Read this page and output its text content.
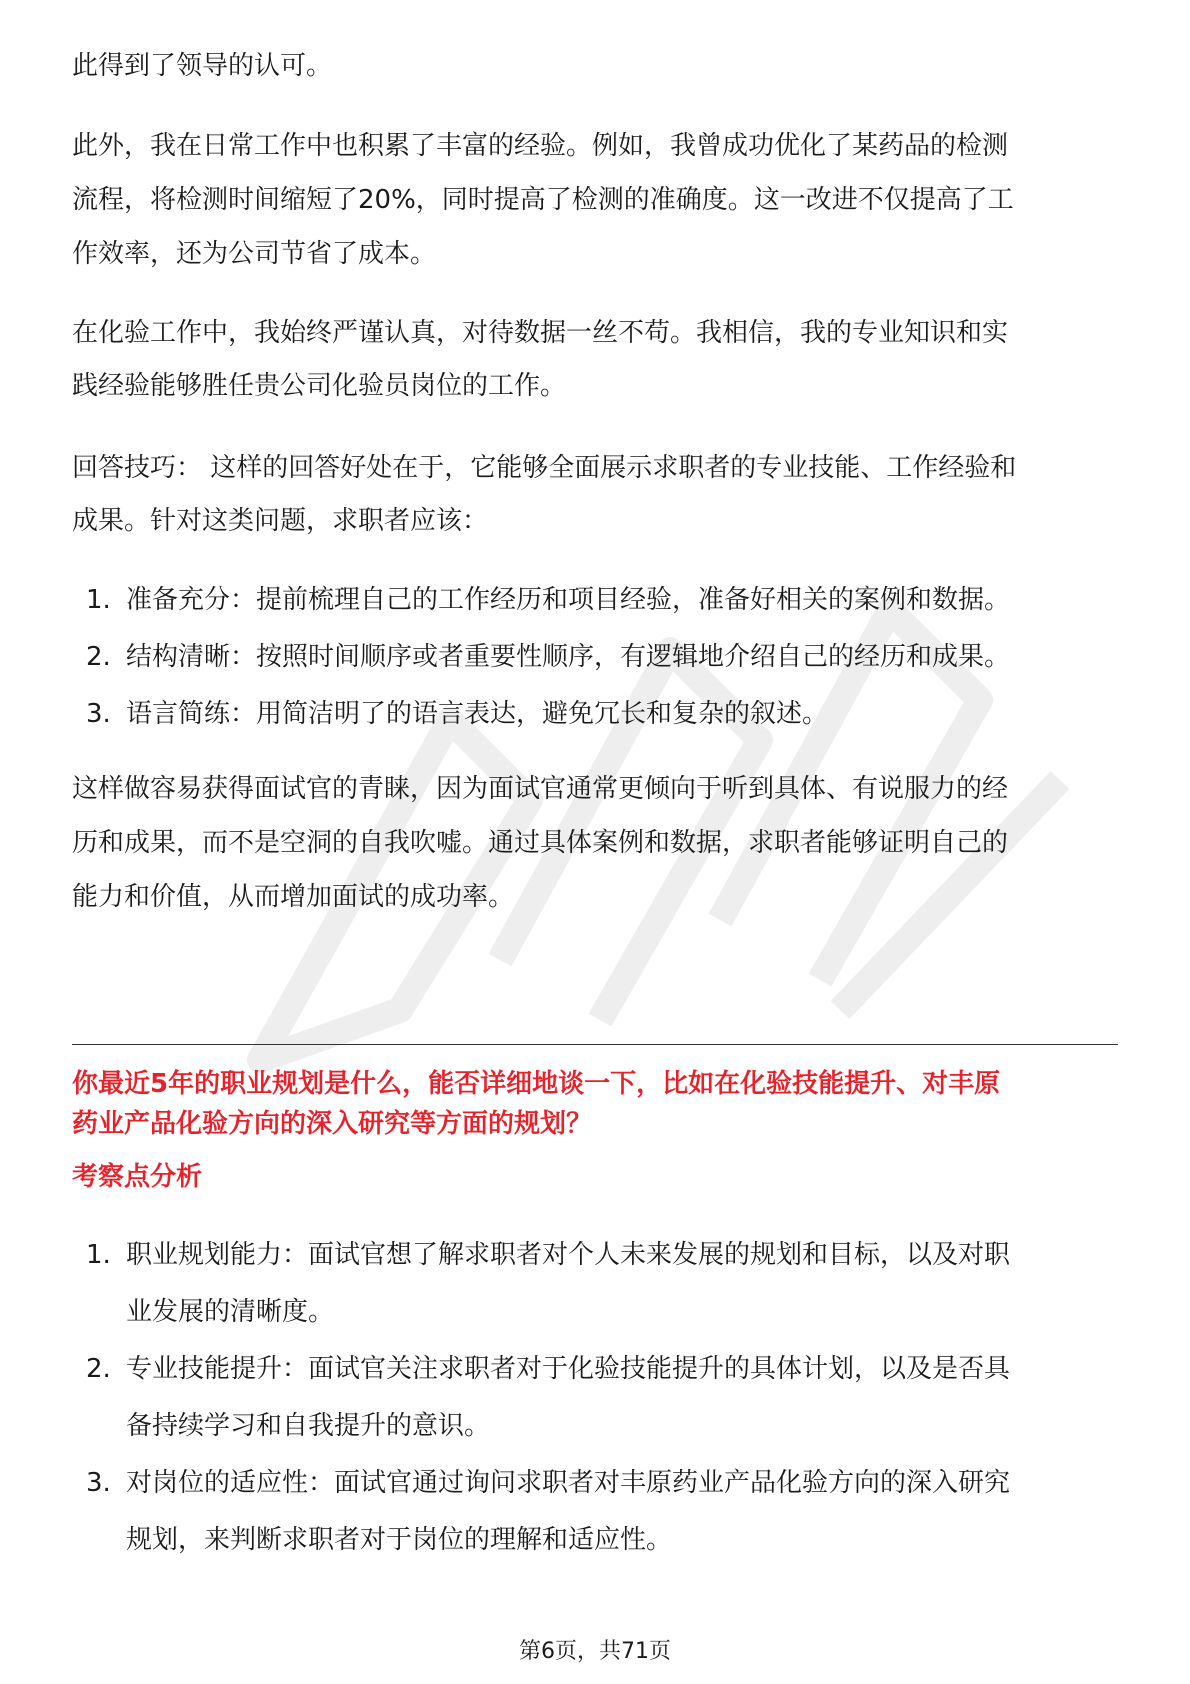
此得到了领导的认可。

此外，我在日常工作中也积累了丰富的经验。例如，我曾成功优化了某药品的检测

流程，将检测时间缩短了20%，同时提高了检测的准确度。这一改进不仅提高了工

作效率，还为公司节省了成本。

在化验工作中，我始终严谨认真，对待数据一丝不苟。我相信，我的专业知识和实

践经验能够胜任贵公司化验员岗位的工作。

回答技巧： 这样的回答好处在于，它能够全面展示求职者的专业技能、工作经验和

成果。针对这类问题，求职者应该：

1. 准备充分：提前梳理自己的工作经历和项目经验，准备好相关的案例和数据。
2. 结构清晰：按照时间顺序或者重要性顺序，有逻辑地介绍自己的经历和成果。
3. 语言简练：用简洁明了的语言表达，避免冗长和复杂的叙述。

这样做容易获得面试官的青睐，因为面试官通常更倾向于听到具体、有说服力的经

历和成果，而不是空洞的自我吹嘘。通过具体案例和数据，求职者能够证明自己的

能力和价值，从而增加面试的成功率。

你最近5年的职业规划是什么，能否详细地谈一下，比如在化验技能提升、对丰原
药业产品化验方向的深入研究等方面的规划？
考察点分析
1. 职业规划能力：面试官想了解求职者对个人未来发展的规划和目标，以及对职
业发展的清晰度。
2. 专业技能提升：面试官关注求职者对于化验技能提升的具体计划，以及是否具
备持续学习和自我提升的意识。
3. 对岗位的适应性：面试官通过询问求职者对丰原药业产品化验方向的深入研究
规划，来判断求职者对于岗位的理解和适应性。
第6页，共71页
